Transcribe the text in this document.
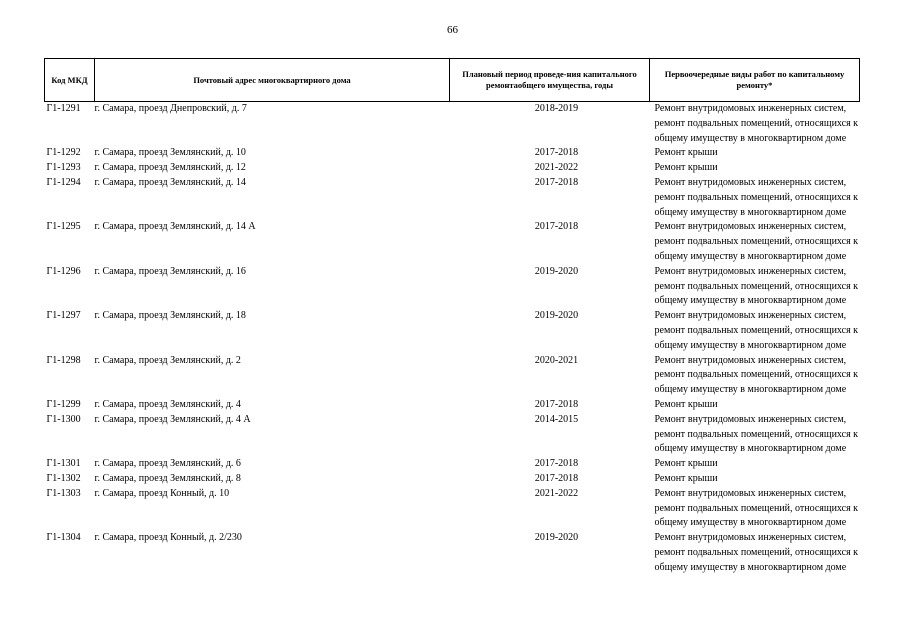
66
Код МКД	Почтовый адрес многоквартирного дома	Плановый период проведе-ния капитального ремонтаобщего имущества, годы	Первоочередные виды работ по капитальному ремонту*
Г1-1291	г. Самара, проезд Днепровский, д. 7	2018-2019	Ремонт внутридомовых инженерных систем,
ремонт подвальных помещений, относящихся к
общему имуществу в многоквартирном доме
Г1-1292	г. Самара, проезд Землянский, д. 10	2017-2018	Ремонт крыши
Г1-1293	г. Самара, проезд Землянский, д. 12	2021-2022	Ремонт крыши
Г1-1294	г. Самара, проезд Землянский, д. 14	2017-2018	Ремонт внутридомовых инженерных систем,
ремонт подвальных помещений, относящихся к
общему имуществу в многоквартирном доме
Г1-1295	г. Самара, проезд Землянский, д. 14 А	2017-2018	Ремонт внутридомовых инженерных систем,
ремонт подвальных помещений, относящихся к
общему имуществу в многоквартирном доме
Г1-1296	г. Самара, проезд Землянский, д. 16	2019-2020	Ремонт внутридомовых инженерных систем,
ремонт подвальных помещений, относящихся к
общему имуществу в многоквартирном доме
Г1-1297	г. Самара, проезд Землянский, д. 18	2019-2020	Ремонт внутридомовых инженерных систем,
ремонт подвальных помещений, относящихся к
общему имуществу в многоквартирном доме
Г1-1298	г. Самара, проезд Землянский, д. 2	2020-2021	Ремонт внутридомовых инженерных систем,
ремонт подвальных помещений, относящихся к
общему имуществу в многоквартирном доме
Г1-1299	г. Самара, проезд Землянский, д. 4	2017-2018	Ремонт крыши
Г1-1300	г. Самара, проезд Землянский, д. 4 А	2014-2015	Ремонт внутридомовых инженерных систем,
ремонт подвальных помещений, относящихся к
общему имуществу в многоквартирном доме
Г1-1301	г. Самара, проезд Землянский, д. 6	2017-2018	Ремонт крыши
Г1-1302	г. Самара, проезд Землянский, д. 8	2017-2018	Ремонт крыши
Г1-1303	г. Самара, проезд Конный, д. 10	2021-2022	Ремонт внутридомовых инженерных систем,
ремонт подвальных помещений, относящихся к
общему имуществу в многоквартирном доме
Г1-1304	г. Самара, проезд Конный, д. 2/230	2019-2020	Ремонт внутридомовых инженерных систем,
ремонт подвальных помещений, относящихся к
общему имуществу в многоквартирном доме
